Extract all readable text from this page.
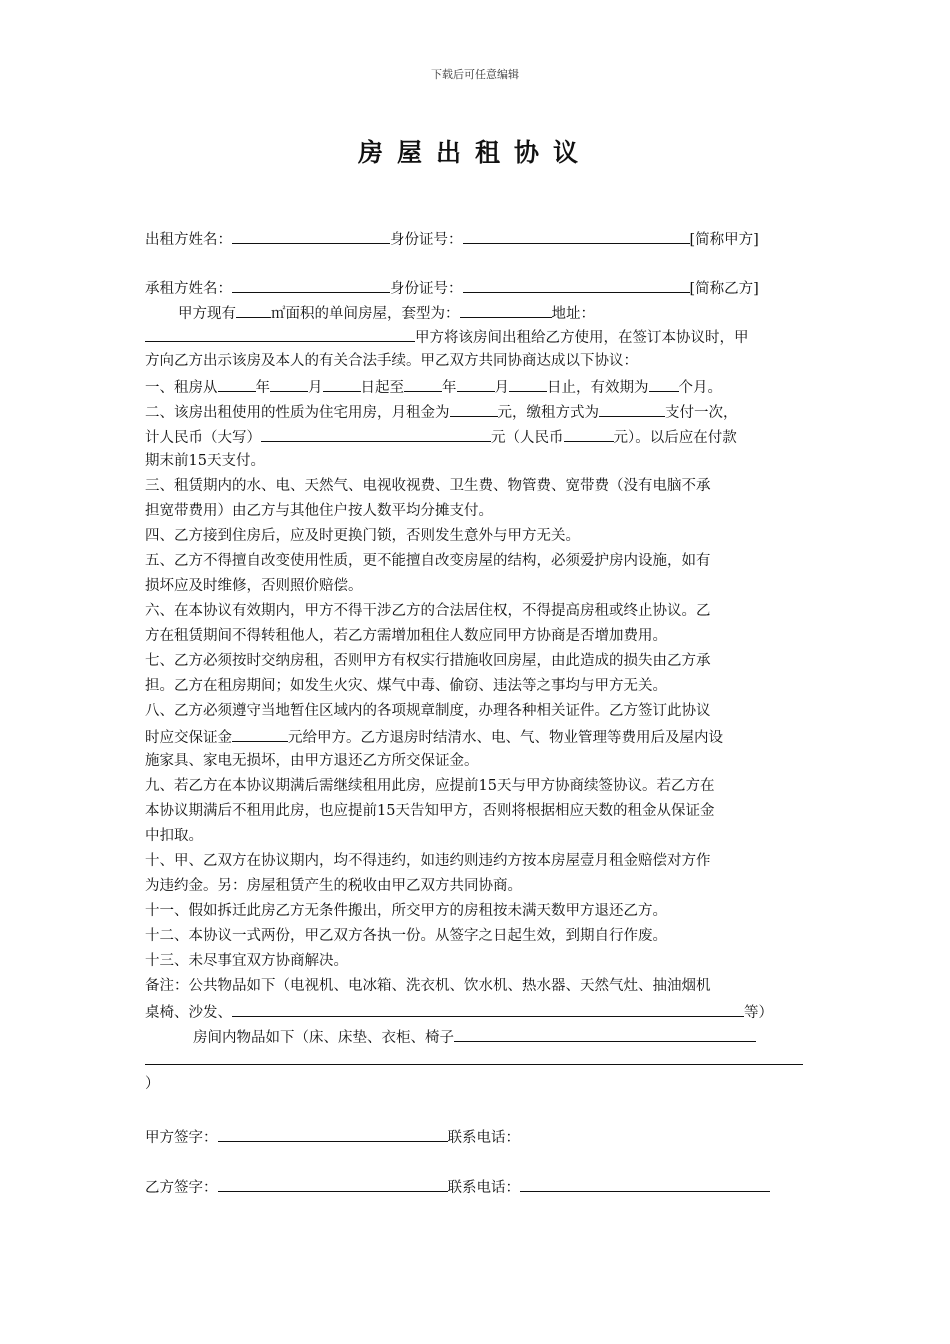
下载后可任意编辑
房屋出租协议
出租方姓名：	身份证号：	[简称甲方]
承租方姓名：	身份证号：	[简称乙方]
甲方现有 ㎡面积的单间房屋，套型为：	地址：
甲方将该房间出租给乙方使用，在签订本协议时，甲
方向乙方出示该房及本人的有关合法手续。甲乙双方共同协商达成以下协议：
一、租房从	年	月	日起至	年	月	日止，有效期为 个月。
二、该房出租使用的性质为住宅用房，月租金为	元，缴租方式为	支付一次，
计人民币（大写）	元（人民币	元）。以后应在付款
期末前15天支付。
三、租赁期内的水、电、天然气、电视收视费、卫生费、物管费、宽带费（没有电脑不承
担宽带费用）由乙方与其他住户按人数平均分摊支付。
四、乙方接到住房后，应及时更换门锁，否则发生意外与甲方无关。
五、乙方不得擅自改变使用性质，更不能擅自改变房屋的结构，必须爱护房内设施，如有
损坏应及时维修，否则照价赔偿。
六、在本协议有效期内，甲方不得干涉乙方的合法居住权，不得提高房租或终止协议。乙
方在租赁期间不得转租他人，若乙方需增加租住人数应同甲方协商是否增加费用。
七、乙方必须按时交纳房租，否则甲方有权实行措施收回房屋，由此造成的损失由乙方承
担。乙方在租房期间；如发生火灾、煤气中毒、偷窃、违法等之事均与甲方无关。
八、乙方必须遵守当地暂住区域内的各项规章制度，办理各种相关证件。乙方签订此协议
时应交保证金	元给甲方。乙方退房时结清水、电、气、物业管理等费用后及屋内设
施家具、家电无损坏，由甲方退还乙方所交保证金。
九、若乙方在本协议期满后需继续租用此房，应提前15天与甲方协商续签协议。若乙方在
本协议期满后不租用此房，也应提前15天告知甲方，否则将根据相应天数的租金从保证金
中扣取。
十、甲、乙双方在协议期内，均不得违约，如违约则违约方按本房屋壹月租金赔偿对方作
为违约金。另：房屋租赁产生的税收由甲乙双方共同协商。
十一、假如拆迁此房乙方无条件搬出，所交甲方的房租按未满天数甲方退还乙方。
十二、本协议一式两份，甲乙双方各执一份。从签字之日起生效，到期自行作废。
十三、未尽事宜双方协商解决。
备注：公共物品如下（电视机、电冰箱、洗衣机、饮水机、热水器、天然气灶、抽油烟机
桌椅、沙发、	等）
房间内物品如下（床、床垫、衣柜、椅子
）
甲方签字：	联系电话：
乙方签字：	联系电话：
